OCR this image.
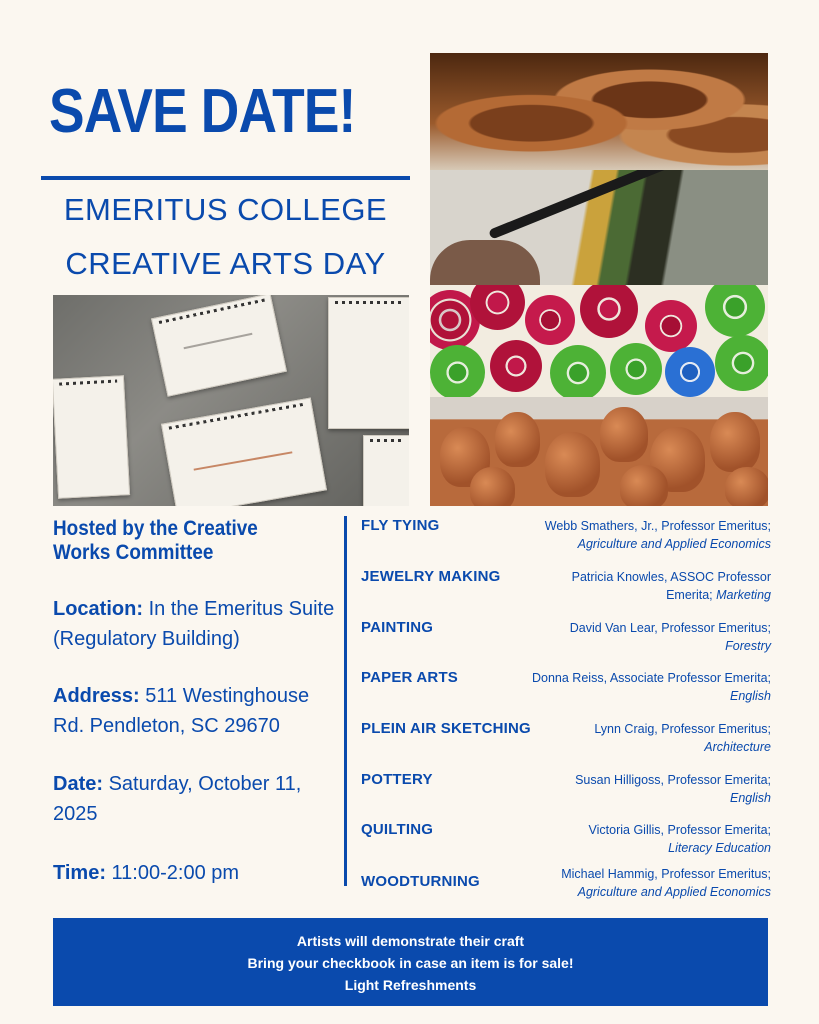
SAVE DATE!
EMERITUS COLLEGE
CREATIVE ARTS DAY
Hosted by the Creative Works Committee
Location: In the Emeritus Suite (Regulatory Building)
Address: 511 Westinghouse Rd. Pendleton, SC 29670
Date: Saturday, October 11, 2025
Time: 11:00-2:00 pm
FLY TYING	Webb Smathers, Jr., Professor Emeritus;
Agriculture and Applied Economics
JEWELRY MAKING	Patricia Knowles, ASSOC Professor Emerita; Marketing
PAINTING	David Van Lear, Professor Emeritus;
Forestry
PAPER ARTS	Donna Reiss, Associate Professor Emerita;
English
PLEIN AIR SKETCHING	Lynn Craig, Professor Emeritus;
Architecture
POTTERY	Susan Hilligoss, Professor Emerita;
English
QUILTING	Victoria Gillis, Professor Emerita;
Literacy Education
WOODTURNING	Michael Hammig, Professor Emeritus;
Agriculture and Applied Economics
Artists will demonstrate their craft
Bring your checkbook in case an item is for sale!
Light Refreshments
